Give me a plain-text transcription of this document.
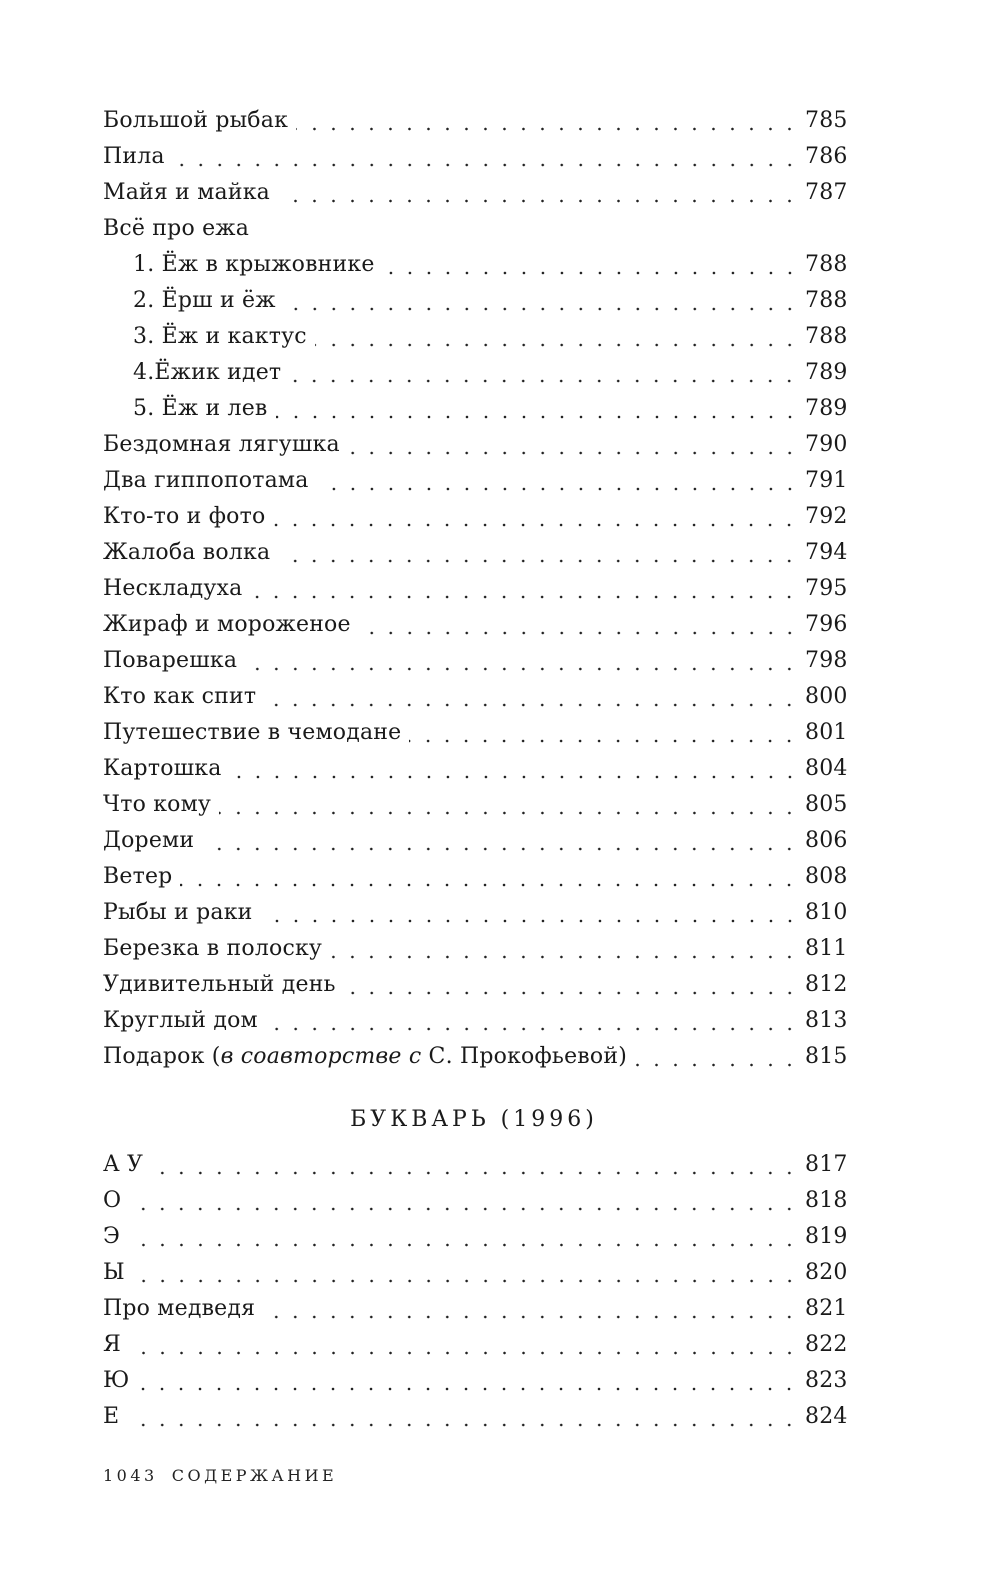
Большой рыбак	785
Пила	786
Майя и майка	787
Всё про ежа
1. Ёж в крыжовнике	788
2. Ёрш и ёж	788
3. Ёж и кактус	788
4.Ёжик идет	789
5. Ёж и лев	789
Бездомная лягушка	790
Два гиппопотама	791
Кто-то и фото	792
Жалоба волка	794
Нескладуха	795
Жираф и мороженое	796
Поварешка	798
Кто как спит	800
Путешествие в чемодане	801
Картошка	804
Что кому	805
Дореми	806
Ветер	808
Рыбы и раки	810
Березка в полоску	811
Удивительный день	812
Круглый дом	813
Подарок (в соавторстве с С. Прокофьевой)	815
БУКВАРЬ (1996)
А У	817
О	818
Э	819
Ы	820
Про медведя	821
Я	822
Ю	823
Е	824
1043 СОДЕРЖАНИЕ
